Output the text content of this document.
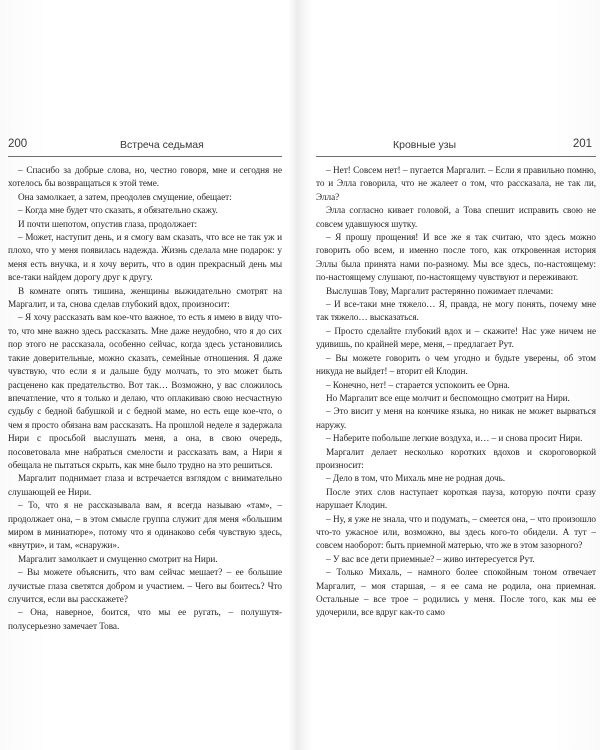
200	Встреча седьмая

– Спасибо за добрые слова, но, честно говоря, мне и сегодня не хотелось бы возвращаться к этой теме.

Она замолкает, а затем, преодолев смущение, обещает:

– Когда мне будет что сказать, я обязательно скажу.

И почти шепотом, опустив глаза, продолжает:

– Может, наступит день, и я смогу вам сказать, что все не так уж и плохо, что у меня появилась надежда. Жизнь сделала мне подарок: у меня есть внучка, и я хочу верить, что в один прекрасный день мы все-таки найдем дорогу друг к другу.

В комнате опять тишина, женщины выжидательно смотрят на Маргалит, и та, снова сделав глубокий вдох, произносит:

– Я хочу рассказать вам кое-что важное, то есть я имею в виду что-то, что мне важно здесь рассказать. Мне даже неудобно, что я до сих пор этого не рассказала, особенно сейчас, когда здесь установились такие доверительные, можно сказать, семейные отношения. Я даже чувствую, что если я и дальше буду молчать, то это может быть расценено как предательство. Вот так… Возможно, у вас сложилось впечатление, что я только и делаю, что оплакиваю свою несчастную судьбу с бедной бабушкой и с бедной маме, но есть еще кое-что, о чем я просто обязана вам рассказать. На прошлой неделе я задержала Нири с просьбой выслушать меня, а она, в свою очередь, посоветовала мне набраться смелости и рассказать вам, а Нири я обещала не пытаться скрыть, как мне было трудно на это решиться.

Маргалит поднимает глаза и встречается взглядом с внимательно слушающей ее Нири.

– То, что я не рассказывала вам, я всегда называю «там», – продолжает она, – в этом смысле группа служит для меня «большим миром в миниатюре», потому что я одинаково себя чувствую здесь, «внутри», и там, «снаружи».

Маргалит замолкает и смущенно смотрит на Нири.

– Вы можете объяснить, что вам сейчас мешает? – ее большие лучистые глаза светятся добром и участием. – Чего вы боитесь? Что случится, если вы расскажете?

– Она, наверное, боится, что мы ее ругать, – полушутя-полусерьезно замечает Това.

Кровные узы	201

– Нет! Совсем нет! – пугается Маргалит. – Если я правильно помню, то и Элла говорила, что не жалеет о том, что рассказала, не так ли, Элла?

Элла согласно кивает головой, а Това спешит исправить свою не совсем удавшуюся шутку.

– Я прошу прощения! И все же я так считаю, что здесь можно говорить обо всем, и именно после того, как откровенная история Эллы была принята нами по-разному. Мы все здесь, по-настоящему: по-настоящему слушают, по-настоящему чувствуют и переживают.

Выслушав Тову, Маргалит растерянно пожимает плечами:

– И все-таки мне тяжело… Я, правда, не могу понять, почему мне так тяжело… высказаться.

– Просто сделайте глубокий вдох и – скажите! Нас уже ничем не удивишь, по крайней мере, меня, – предлагает Рут.

– Вы можете говорить о чем угодно и будьте уверены, об этом никуда не выйдет! – вторит ей Клодин.

– Конечно, нет! – старается успокоить ее Орна.

Но Маргалит все еще молчит и беспомощно смотрит на Нири.

– Это висит у меня на кончике языка, но никак не может вырваться наружу.

– Наберите побольше легкие воздуха, и… – и снова просит Нири.

Маргалит делает несколько коротких вдохов и скороговоркой произносит:

– Дело в том, что Михаль мне не родная дочь.

После этих слов наступает короткая пауза, которую почти сразу нарушает Клодин.

– Ну, я уже не знала, что и подумать, – смеется она, – что произошло что-то ужасное или, возможно, вы здесь кого-то обидели. А тут – совсем наоборот: быть приемной матерью, что же в этом зазорного?

– У вас все дети приемные? – живо интересуется Рут.

– Только Михаль, – намного более спокойным тоном отвечает Маргалит, – моя старшая, – я ее сама не родила, она приемная. Остальные – все трое – родились у меня. После того, как мы ее удочерили, все вдруг как-то само
